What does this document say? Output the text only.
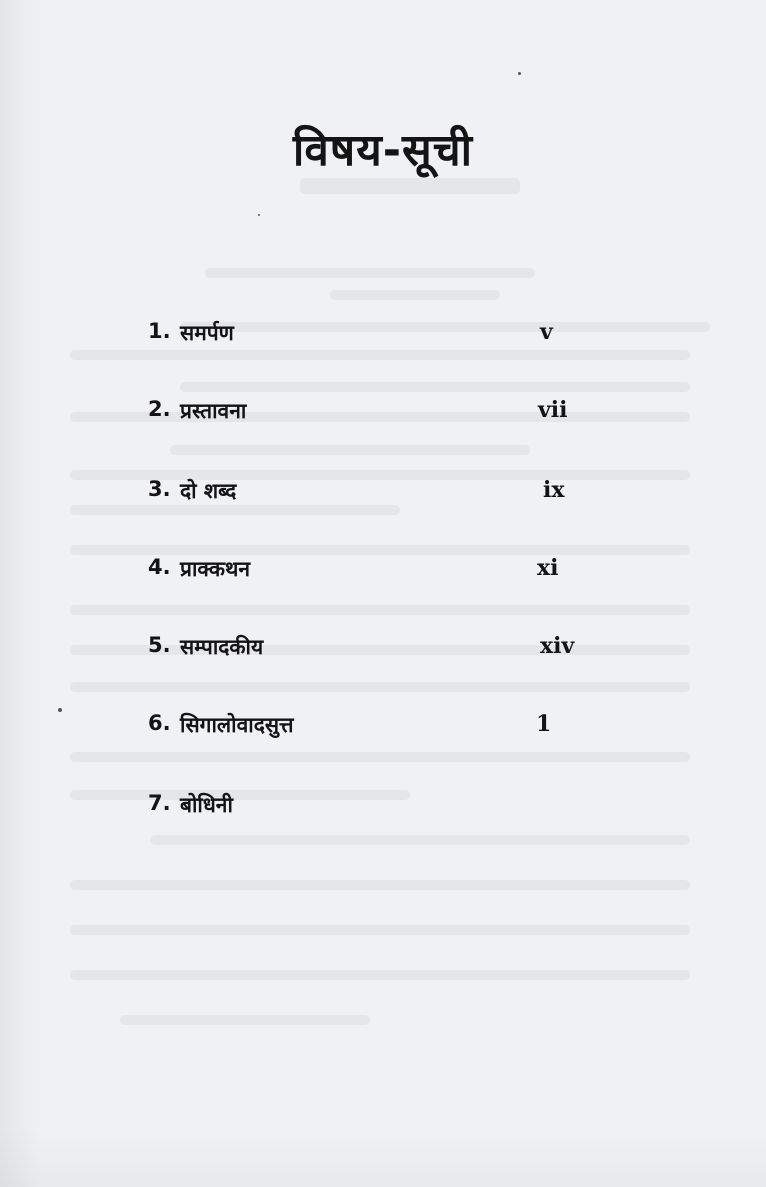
विषय-सूची
1. समर्पण	v
2. प्रस्तावना	vii
3. दो शब्द	ix
4. प्राक्कथन	xi
5. सम्पादकीय	xiv
6. सिगालोवादसुत्त	1
7. बोधिनी
